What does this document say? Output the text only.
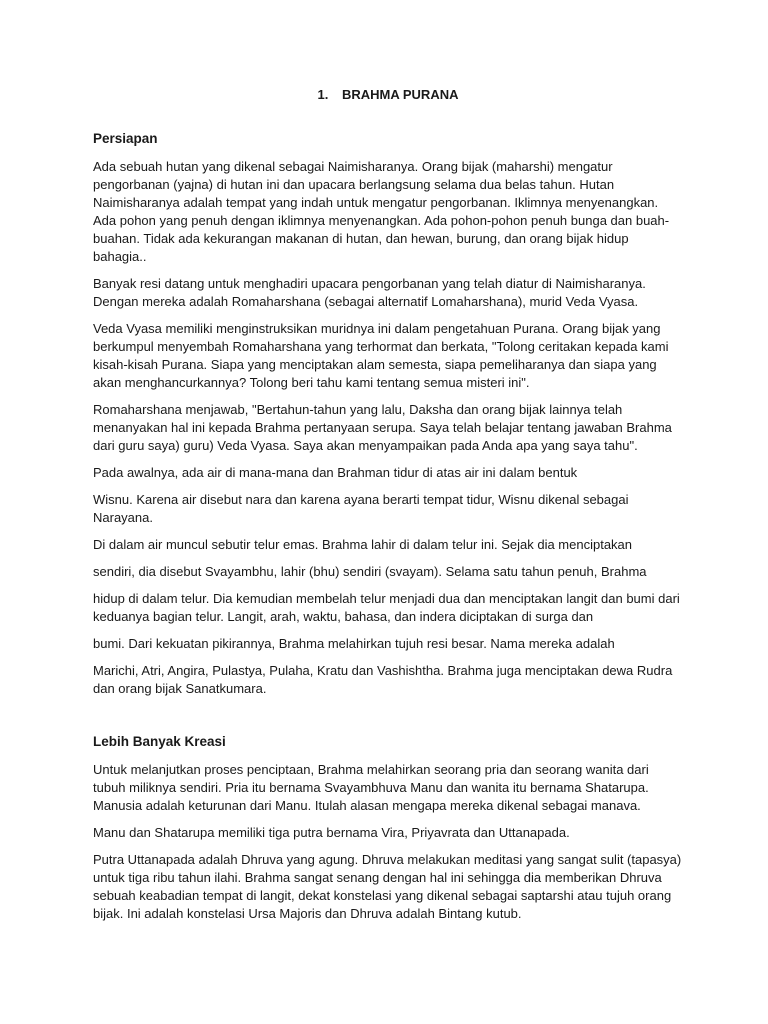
1. BRAHMA PURANA
Persiapan

Ada sebuah hutan yang dikenal sebagai Naimisharanya. Orang bijak (maharshi) mengatur pengorbanan (yajna) di hutan ini dan upacara berlangsung selama dua belas tahun. Hutan Naimisharanya adalah tempat yang indah untuk mengatur pengorbanan. Iklimnya menyenangkan. Ada pohon yang penuh dengan iklimnya menyenangkan. Ada pohon-pohon penuh bunga dan buah-buahan. Tidak ada kekurangan makanan di hutan, dan hewan, burung, dan orang bijak hidup bahagia..

Banyak resi datang untuk menghadiri upacara pengorbanan yang telah diatur di Naimisharanya. Dengan mereka adalah Romaharshana (sebagai alternatif Lomaharshana), murid Veda Vyasa.

Veda Vyasa memiliki menginstruksikan muridnya ini dalam pengetahuan Purana. Orang bijak yang berkumpul menyembah Romaharshana yang terhormat dan berkata, "Tolong ceritakan kepada kami kisah-kisah Purana. Siapa yang menciptakan alam semesta, siapa pemeliharanya dan siapa yang akan menghancurkannya? Tolong beri tahu kami tentang semua misteri ini".

Romaharshana menjawab, "Bertahun-tahun yang lalu, Daksha dan orang bijak lainnya telah menanyakan hal ini kepada Brahma pertanyaan serupa. Saya telah belajar tentang jawaban Brahma dari guru saya) guru) Veda Vyasa. Saya akan menyampaikan pada Anda apa yang saya tahu".

Pada awalnya, ada air di mana-mana dan Brahman tidur di atas air ini dalam bentuk

Wisnu. Karena air disebut nara dan karena ayana berarti tempat tidur, Wisnu dikenal sebagai Narayana.

Di dalam air muncul sebutir telur emas. Brahma lahir di dalam telur ini. Sejak dia menciptakan

sendiri, dia disebut Svayambhu, lahir (bhu) sendiri (svayam). Selama satu tahun penuh, Brahma

hidup di dalam telur. Dia kemudian membelah telur menjadi dua dan menciptakan langit dan bumi dari keduanya bagian telur. Langit, arah, waktu, bahasa, dan indera diciptakan di surga dan

bumi. Dari kekuatan pikirannya, Brahma melahirkan tujuh resi besar. Nama mereka adalah

Marichi, Atri, Angira, Pulastya, Pulaha, Kratu dan Vashishtha. Brahma juga menciptakan dewa Rudra dan orang bijak Sanatkumara.

Lebih Banyak Kreasi

Untuk melanjutkan proses penciptaan, Brahma melahirkan seorang pria dan seorang wanita dari tubuh miliknya sendiri. Pria itu bernama Svayambhuva Manu dan wanita itu bernama Shatarupa. Manusia adalah keturunan dari Manu. Itulah alasan mengapa mereka dikenal sebagai manava.

Manu dan Shatarupa memiliki tiga putra bernama Vira, Priyavrata dan Uttanapada.

Putra Uttanapada adalah Dhruva yang agung. Dhruva melakukan meditasi yang sangat sulit (tapasya) untuk tiga ribu tahun ilahi. Brahma sangat senang dengan hal ini sehingga dia memberikan Dhruva sebuah keabadian tempat di langit, dekat konstelasi yang dikenal sebagai saptarshi atau tujuh orang bijak. Ini adalah konstelasi Ursa Majoris dan Dhruva adalah Bintang kutub.
